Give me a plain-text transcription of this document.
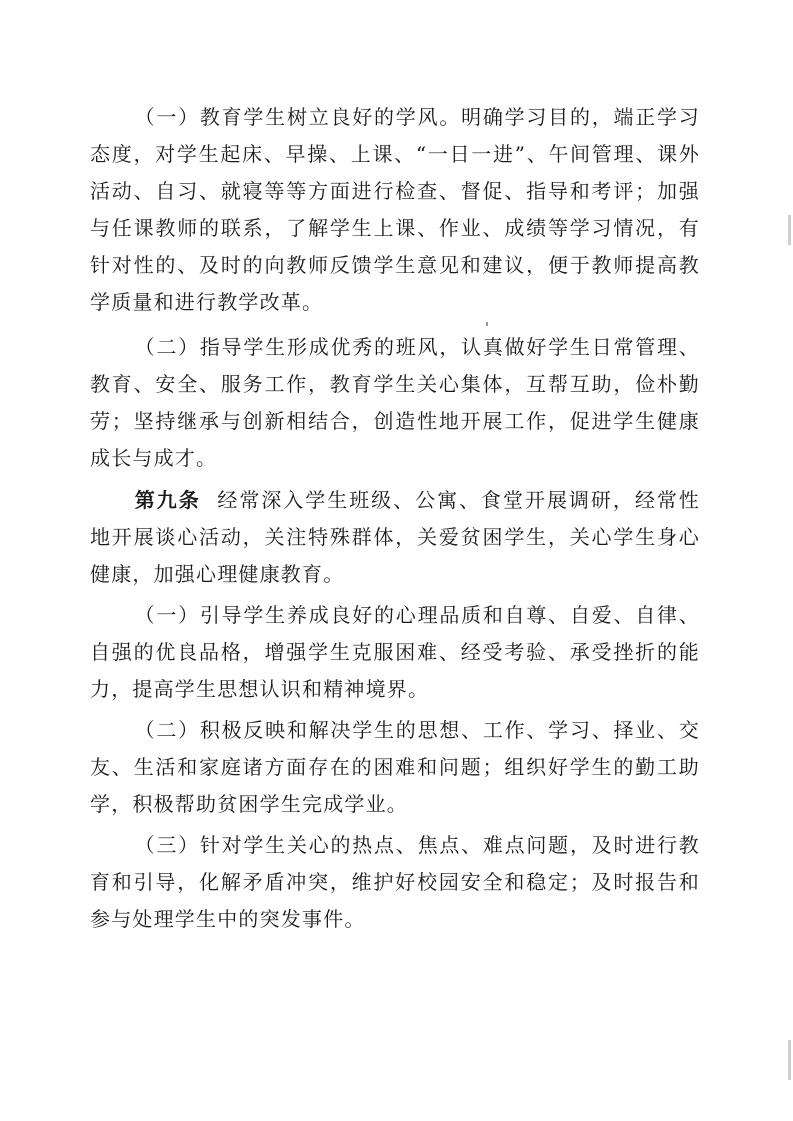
（一）教育学生树立良好的学风。明确学习目的，端正学习态度，对学生起床、早操、上课、“一日一进”、午间管理、课外活动、自习、就寝等等方面进行检查、督促、指导和考评；加强与任课教师的联系，了解学生上课、作业、成绩等学习情况，有针对性的、及时的向教师反馈学生意见和建议，便于教师提高教学质量和进行教学改革。

（二）指导学生形成优秀的班风，认真做好学生日常管理、教育、安全、服务工作，教育学生关心集体，互帮互助，俭朴勤劳；坚持继承与创新相结合，创造性地开展工作，促进学生健康成长与成才。

第九条 经常深入学生班级、公寓、食堂开展调研，经常性地开展谈心活动，关注特殊群体，关爱贫困学生，关心学生身心健康，加强心理健康教育。

（一）引导学生养成良好的心理品质和自尊、自爱、自律、自强的优良品格，增强学生克服困难、经受考验、承受挫折的能力，提高学生思想认识和精神境界。

（二）积极反映和解决学生的思想、工作、学习、择业、交友、生活和家庭诸方面存在的困难和问题；组织好学生的勤工助学，积极帮助贫困学生完成学业。

（三）针对学生关心的热点、焦点、难点问题，及时进行教育和引导，化解矛盾冲突，维护好校园安全和稳定；及时报告和参与处理学生中的突发事件。
